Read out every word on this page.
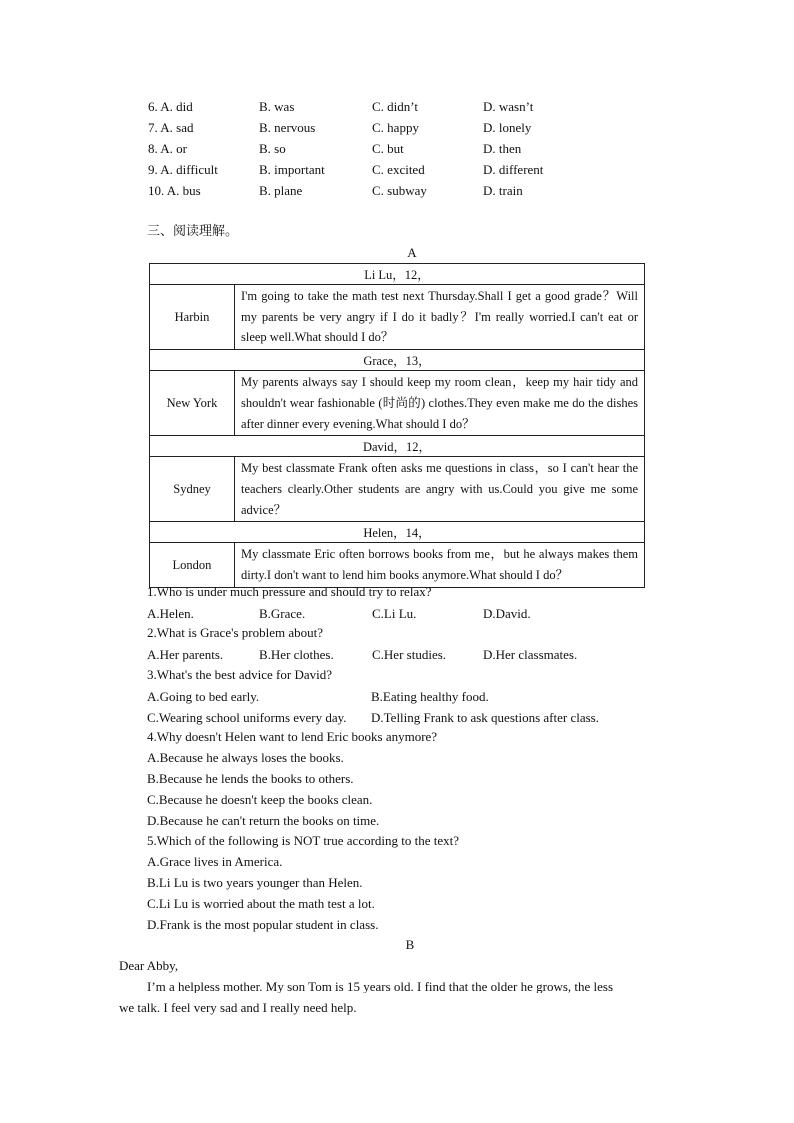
6. A. did	B. was	C. didn’t	D. wasn’t
7. A. sad	B. nervous	C. happy	D. lonely
8. A. or	B. so	C. but	D. then
9. A. difficult	B. important	C. excited	D. different
10. A. bus	B. plane	C. subway	D. train
三、阅读理解。
A
Li Lu，12，	
Harbin	I'm going to take the math test next Thursday.Shall I get a good grade？Will my parents be very angry if I do it badly？I'm really worried.I can't eat or sleep well.What should I do？
Grace，13，	
New York	My parents always say I should keep my room clean，keep my hair tidy and shouldn't wear fashionable (时尚的) clothes.They even make me do the dishes after dinner every evening.What should I do？
David，12，	
Sydney	My best classmate Frank often asks me questions in class，so I can't hear the teachers clearly.Other students are angry with us.Could you give me some advice？
Helen，14，	
London	My classmate Eric often borrows books from me，but he always makes them dirty.I don't want to lend him books anymore.What should I do？
1.Who is under much pressure and should try to relax?
A.Helen.	B.Grace.	C.Li Lu.	D.David.
2.What is Grace's problem about?
A.Her parents.	B.Her clothes.	C.Her studies.	D.Her classmates.
3.What's the best advice for David?
A.Going to bed early.	B.Eating healthy food.
C.Wearing school uniforms every day. D.Telling Frank to ask questions after class.
4.Why doesn't Helen want to lend Eric books anymore?
A.Because he always loses the books.
B.Because he lends the books to others.
C.Because he doesn't keep the books clean.
D.Because he can't return the books on time.
5.Which of the following is NOT true according to the text?
A.Grace lives in America.
B.Li Lu is two years younger than Helen.
C.Li Lu is worried about the math test a lot.
D.Frank is the most popular student in class.
B
Dear Abby,
I’m a helpless mother. My son Tom is 15 years old. I find that the older he grows, the less
we talk. I feel very sad and I really need help.
